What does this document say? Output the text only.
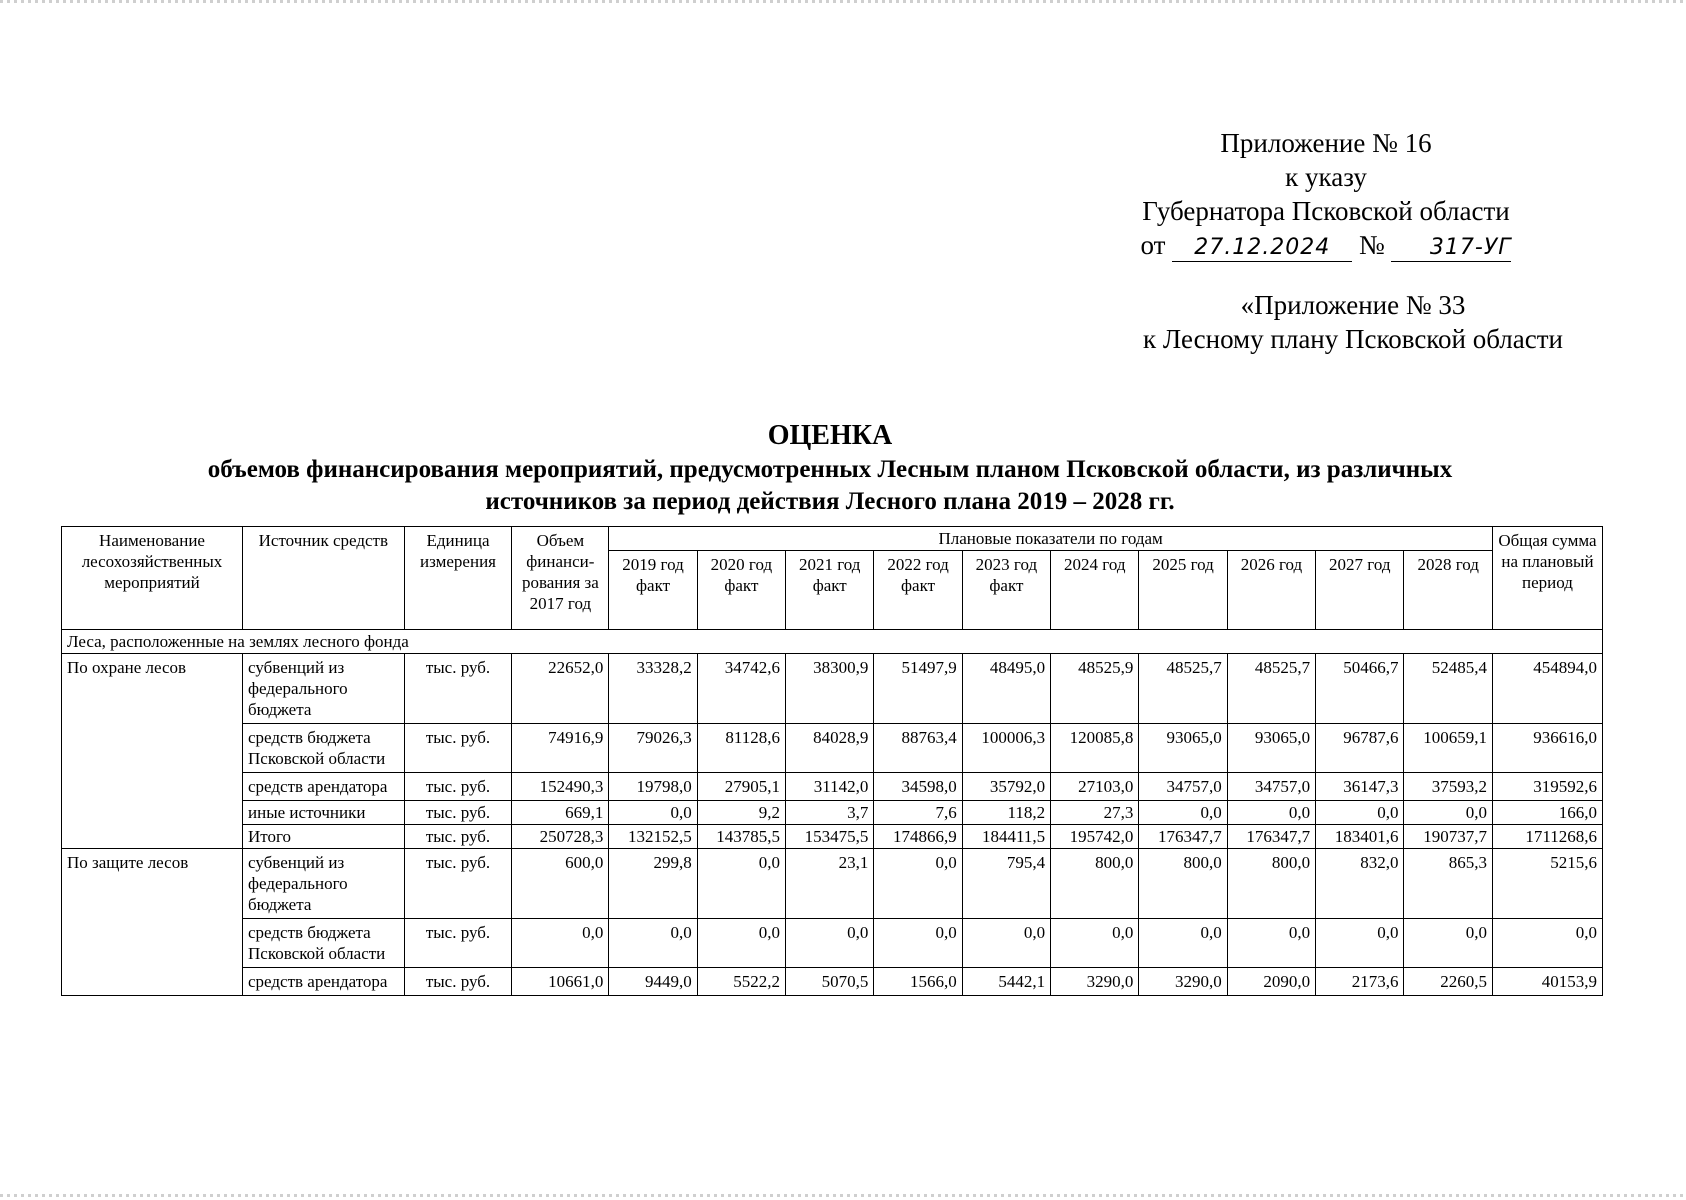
Приложение № 16
к указу
Губернатора Псковской области
от 27.12.2024 № 317-УГ
«Приложение № 33
к Лесному плану Псковской области
ОЦЕНКА
объемов финансирования мероприятий, предусмотренных Лесным планом Псковской области, из различных
источников за период действия Лесного плана 2019 – 2028 гг.
Наименование лесохозяйственных мероприятий	Источник средств	Единица измерения	Объем финанси-рования за 2017 год	Плановые показатели по годам										Общая сумма на плановый период
				2019 год факт	2020 год факт	2021 год факт	2022 год факт	2023 год факт	2024 год	2025 год	2026 год	2027 год	2028 год	
Леса, расположенные на землях лесного фонда														
По охране лесов	субвенций из федерального бюджета	тыс. руб.	22652,0	33328,2	34742,6	38300,9	51497,9	48495,0	48525,9	48525,7	48525,7	50466,7	52485,4	454894,0
	средств бюджета Псковской области	тыс. руб.	74916,9	79026,3	81128,6	84028,9	88763,4	100006,3	120085,8	93065,0	93065,0	96787,6	100659,1	936616,0
	средств арендатора	тыс. руб.	152490,3	19798,0	27905,1	31142,0	34598,0	35792,0	27103,0	34757,0	34757,0	36147,3	37593,2	319592,6
	иные источники	тыс. руб.	669,1	0,0	9,2	3,7	7,6	118,2	27,3	0,0	0,0	0,0	0,0	166,0
	Итого	тыс. руб.	250728,3	132152,5	143785,5	153475,5	174866,9	184411,5	195742,0	176347,7	176347,7	183401,6	190737,7	1711268,6
По защите лесов	субвенций из федерального бюджета	тыс. руб.	600,0	299,8	0,0	23,1	0,0	795,4	800,0	800,0	800,0	832,0	865,3	5215,6
	средств бюджета Псковской области	тыс. руб.	0,0	0,0	0,0	0,0	0,0	0,0	0,0	0,0	0,0	0,0	0,0	0,0
	средств арендатора	тыс. руб.	10661,0	9449,0	5522,2	5070,5	1566,0	5442,1	3290,0	3290,0	2090,0	2173,6	2260,5	40153,9
